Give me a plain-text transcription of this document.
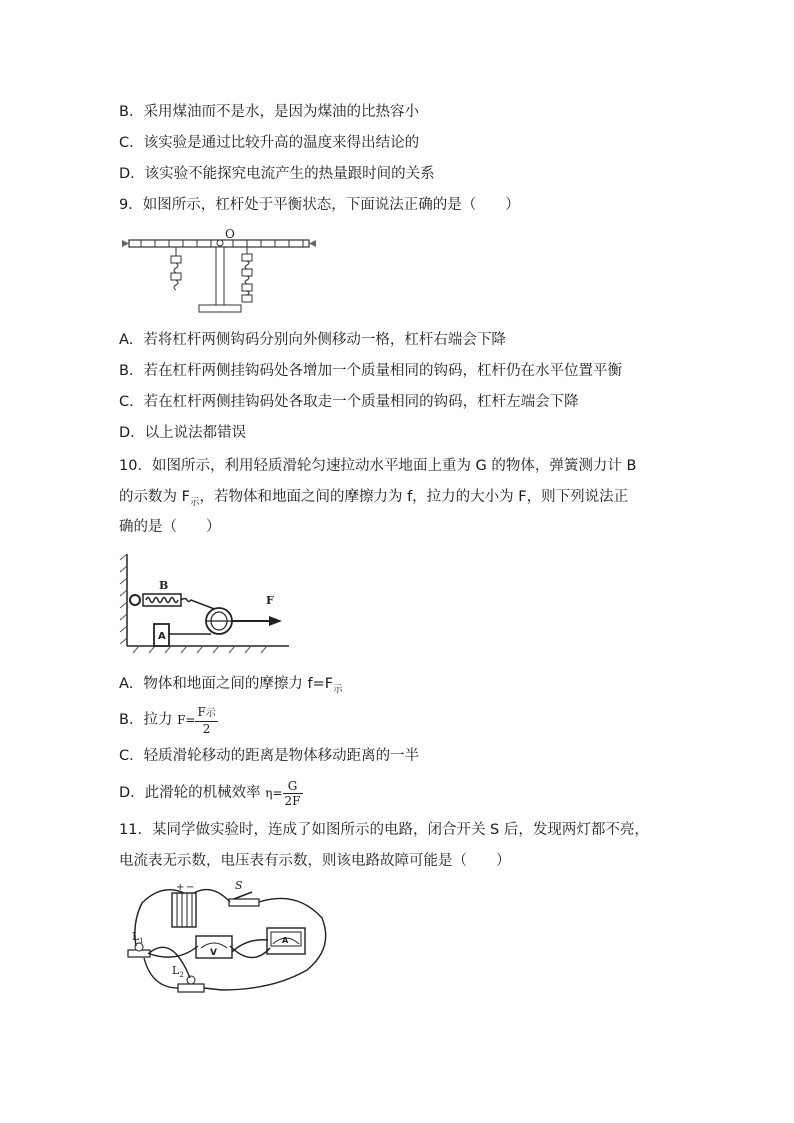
B．采用煤油而不是水，是因为煤油的比热容小
C．该实验是通过比较升高的温度来得出结论的
D．该实验不能探究电流产生的热量跟时间的关系
9．如图所示，杠杆处于平衡状态，下面说法正确的是（　　）
O
A．若将杠杆两侧钩码分别向外侧移动一格，杠杆右端会下降
B．若在杠杆两侧挂钩码处各增加一个质量相同的钩码，杠杆仍在水平位置平衡
C．若在杠杆两侧挂钩码处各取走一个质量相同的钩码，杠杆左端会下降
D．以上说法都错误
10．如图所示，利用轻质滑轮匀速拉动水平地面上重为 G 的物体，弹簧测力计 B
的示数为 $F_示$，若物体和地面之间的摩擦力为 f，拉力的大小为 F，则下列说法正
确的是（　　）
B
A
F
A．物体和地面之间的摩擦力 $f=F_示$
B．拉力 $F= \frac{\text{F示}}{2}$
C．轻质滑轮移动的距离是物体移动距离的一半
D．此滑轮的机械效率 $\eta= \frac{G}{2F}$
11．某同学做实验时，连成了如图所示的电路，闭合开关 S 后，发现两灯都不亮，
电流表无示数，电压表有示数，则该电路故障可能是（　　）
+ −	S
$L_1$
$L_2$
V
A
